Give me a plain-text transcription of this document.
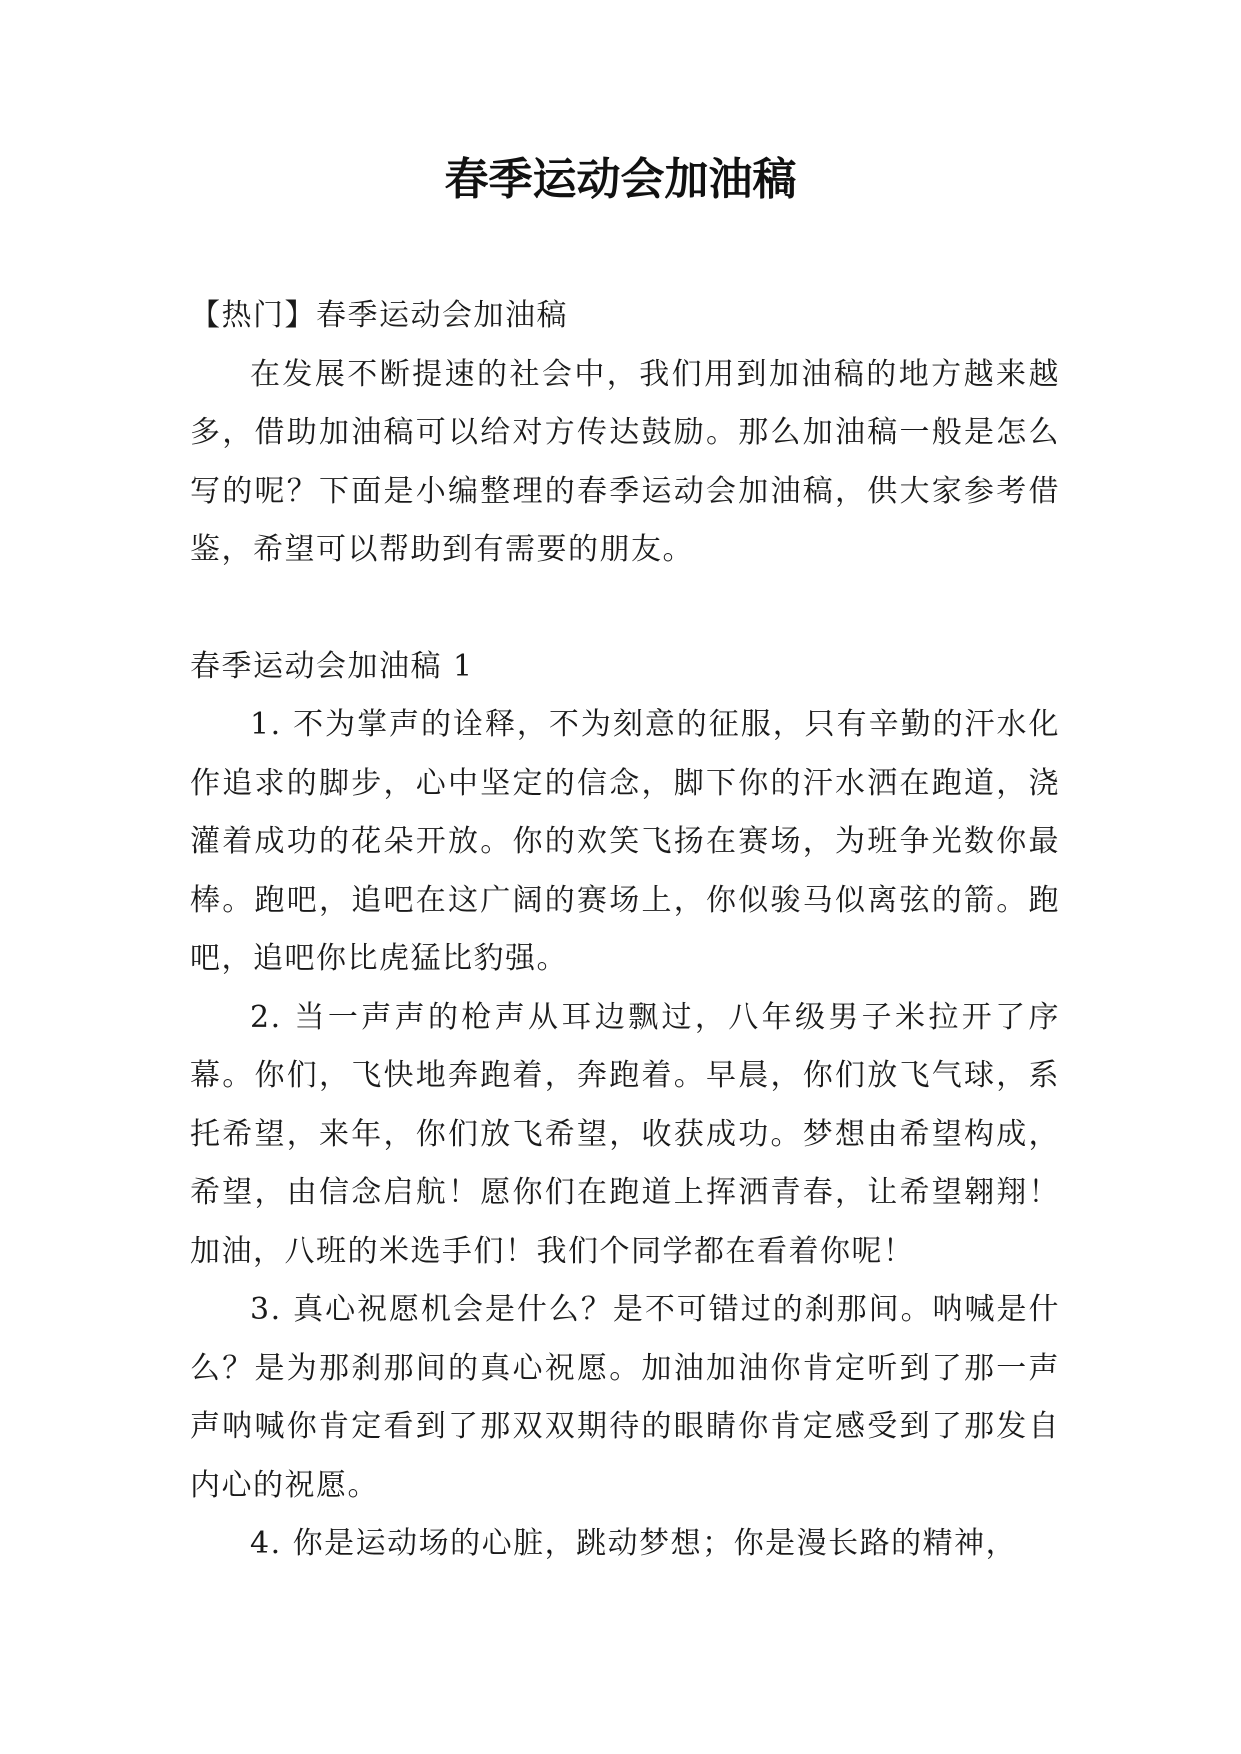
春季运动会加油稿

【热门】春季运动会加油稿

在发展不断提速的社会中，我们用到加油稿的地方越来越多，借助加油稿可以给对方传达鼓励。那么加油稿一般是怎么写的呢？下面是小编整理的春季运动会加油稿，供大家参考借鉴，希望可以帮助到有需要的朋友。

春季运动会加油稿 1

1. 不为掌声的诠释，不为刻意的征服，只有辛勤的汗水化作追求的脚步，心中坚定的信念，脚下你的汗水洒在跑道，浇灌着成功的花朵开放。你的欢笑飞扬在赛场，为班争光数你最棒。跑吧，追吧在这广阔的赛场上，你似骏马似离弦的箭。跑吧，追吧你比虎猛比豹强。

2. 当一声声的枪声从耳边飘过，八年级男子米拉开了序幕。你们，飞快地奔跑着，奔跑着。早晨，你们放飞气球，系托希望，来年，你们放飞希望，收获成功。梦想由希望构成，希望，由信念启航！愿你们在跑道上挥洒青春，让希望翱翔！加油，八班的米选手们！我们个同学都在看着你呢！

3. 真心祝愿机会是什么？是不可错过的刹那间。呐喊是什么？是为那刹那间的真心祝愿。加油加油你肯定听到了那一声声呐喊你肯定看到了那双双期待的眼睛你肯定感受到了那发自内心的祝愿。

4. 你是运动场的心脏，跳动梦想；你是漫长路的精神，
